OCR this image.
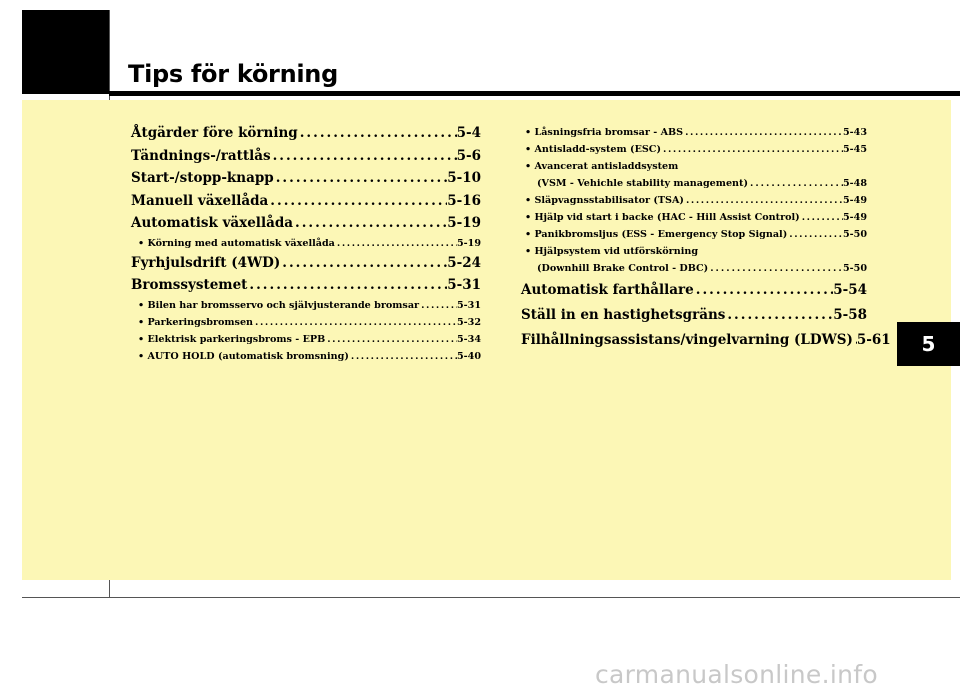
Tips för körning
Åtgärder före körning .....	5-4
Tändnings-/rattlås .....	5-6
Start-/stopp-knapp .....	5-10
Manuell växellåda .....	5-16
Automatisk växellåda .....	5-19
• Körning med automatisk växellåda .....	5-19
Fyrhjulsdrift (4WD) .....	5-24
Bromssystemet .....	5-31
• Bilen har bromsservo och självjusterande bromsar .....	5-31
• Parkeringsbromsen .....	5-32
• Elektrisk parkeringsbroms - EPB .....	5-34
• AUTO HOLD (automatisk bromsning) .....	5-40
• Låsningsfria bromsar - ABS .....	5-43
• Antisladd-system (ESC) .....	5-45
• Avancerat antisladdsystem
(VSM - Vehichle stability management) .....	5-48
• Släpvagnsstabilisator (TSA) .....	5-49
• Hjälp vid start i backe (HAC - Hill Assist Control) .....	5-49
• Panikbromsljus (ESS - Emergency Stop Signal) .....	5-50
• Hjälpsystem vid utförskörning
(Downhill Brake Control - DBC) .....	5-50
Automatisk farthållare .....	5-54
Ställ in en hastighetsgräns .....	5-58
Filhållningsassistans/vingelvarning (LDWS) ..... 5-61	5

carmanualsonline.info
